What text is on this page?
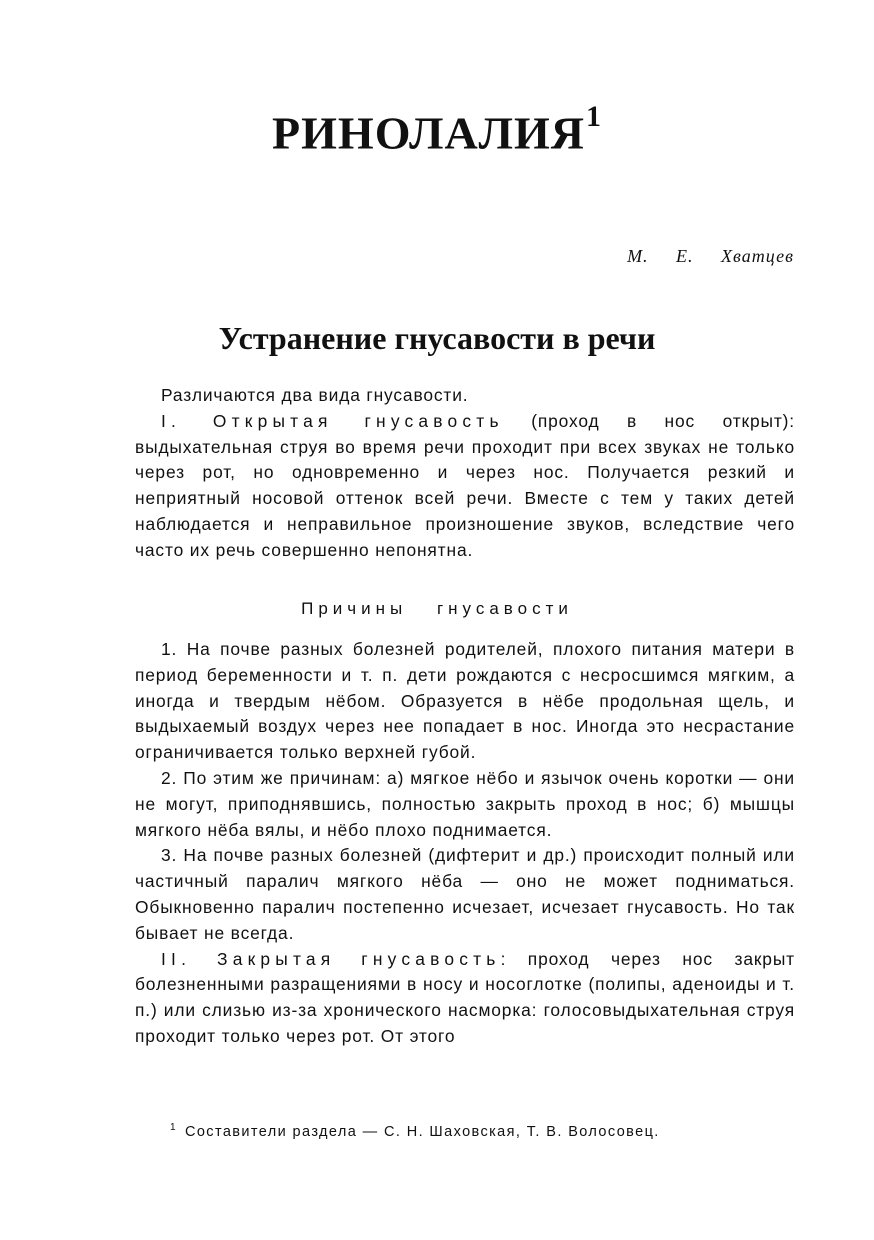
РИНОЛАЛИЯ$^1$
М. Е. Хватцев
Устранение гнусавости в речи

Различаются два вида гнусавости.

I. Открытая гнусавость (проход в нос открыт): выдыхательная струя во время речи проходит при всех звуках не только через рот, но одновременно и через нос. Получается резкий и неприятный носовой оттенок всей речи. Вместе с тем у таких детей наблюдается и неправильное произношение звуков, вследствие чего часто их речь совершенно непонятна.

Причины гнусавости

1. На почве разных болезней родителей, плохого питания матери в период беременности и т. п. дети рождаются с несросшимся мягким, а иногда и твердым нёбом. Образуется в нёбе продольная щель, и выдыхаемый воздух через нее попадает в нос. Иногда это несрастание ограничивается только верхней губой.

2. По этим же причинам: а) мягкое нёбо и язычок очень коротки — они не могут, приподнявшись, полностью закрыть проход в нос; б) мышцы мягкого нёба вялы, и нёбо плохо поднимается.

3. На почве разных болезней (дифтерит и др.) происходит полный или частичный паралич мягкого нёба — оно не может подниматься. Обыкновенно паралич постепенно исчезает, исчезает гнусавость. Но так бывает не всегда.

II. Закрытая гнусавость: проход через нос закрыт болезненными разращениями в носу и носоглотке (полипы, аденоиды и т. п.) или слизью из-за хронического насморка: голосовыдыхательная струя проходит только через рот. От этого

$^1$ Составители раздела — С. Н. Шаховская, Т. В. Волосовец.
